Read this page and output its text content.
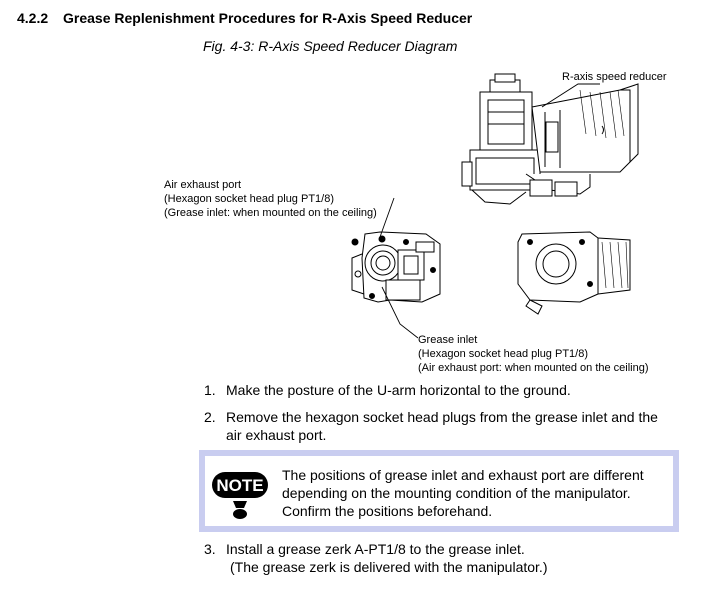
4.2.2 Grease Replenishment Procedures for R-Axis Speed Reducer
Fig. 4-3: R-Axis Speed Reducer Diagram
R-axis speed reducer
Air exhaust port
(Hexagon socket head plug PT1/8)
(Grease inlet: when mounted on the ceiling)
Grease inlet
(Hexagon socket head plug PT1/8)
(Air exhaust port: when mounted on the ceiling)
1. Make the posture of the U-arm horizontal to the ground.
2. Remove the hexagon socket head plugs from the grease inlet and the
air exhaust port.
NOTE
The positions of grease inlet and exhaust port are different
depending on the mounting condition of the manipulator.
Confirm the positions beforehand.
3. Install a grease zerk A-PT1/8 to the grease inlet.
(The grease zerk is delivered with the manipulator.)
